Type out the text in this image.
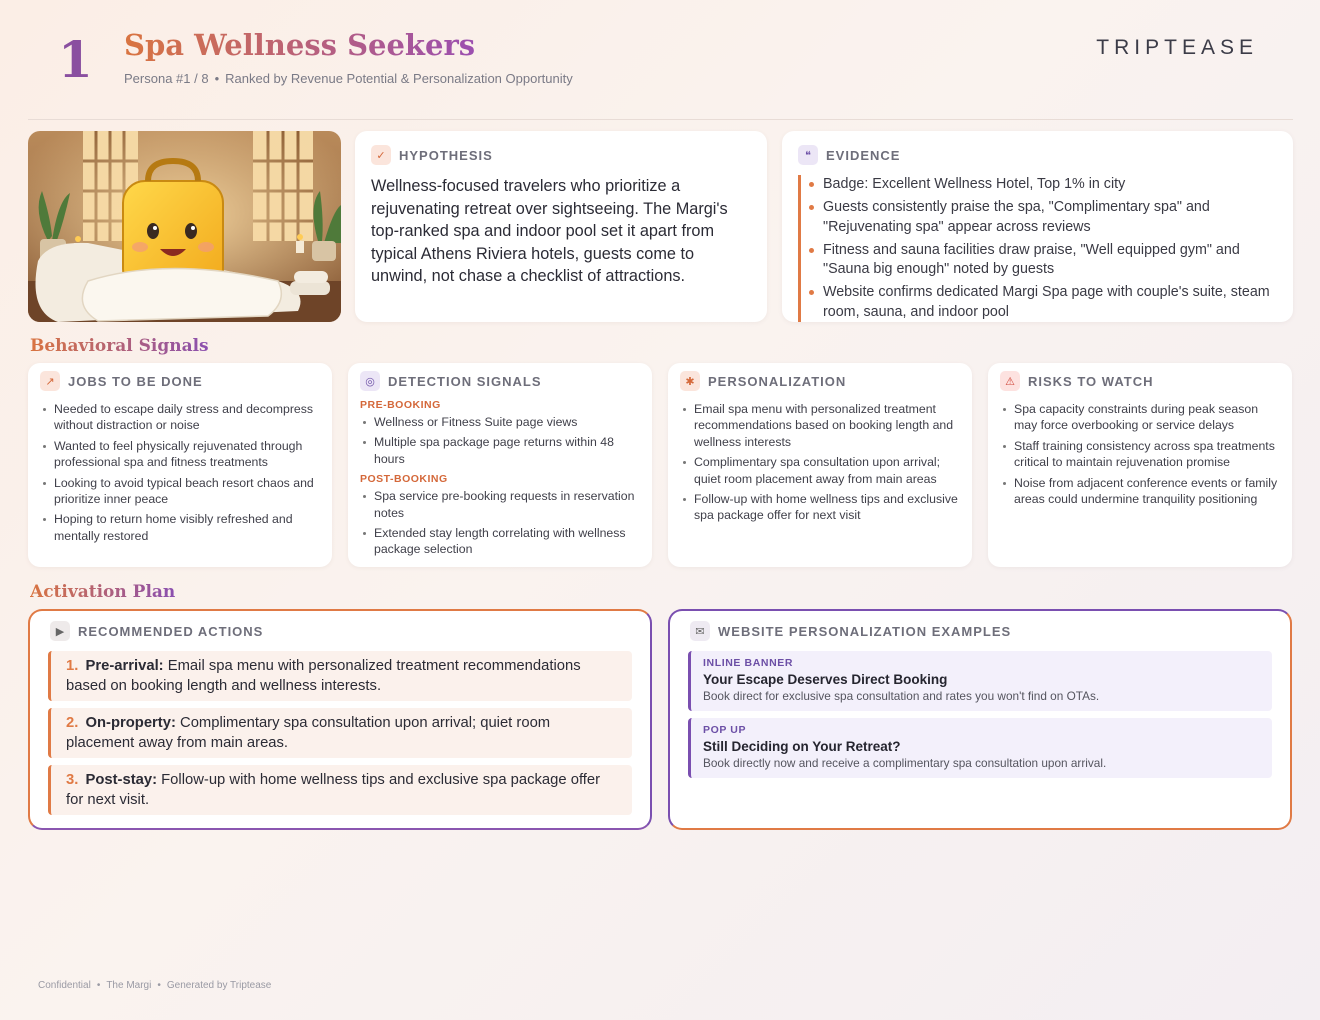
1	Spa Wellness Seekers
Persona #1 / 8 • Ranked by Revenue Potential & Personalization Opportunity
TRIPTEASE
✓	HYPOTHESIS

Wellness-focused travelers who prioritize a rejuvenating retreat over sightseeing. The Margi's top-ranked spa and indoor pool set it apart from typical Athens Riviera hotels, guests come to unwind, not chase a checklist of attractions.

❝	EVIDENCE
Badge: Excellent Wellness Hotel, Top 1% in city
Guests consistently praise the spa, "Complimentary spa" and "Rejuvenating spa" appear across reviews
Fitness and sauna facilities draw praise, "Well equipped gym" and "Sauna big enough" noted by guests
Website confirms dedicated Margi Spa page with couple's suite, steam room, sauna, and indoor pool
Behavioral Signals
↗	JOBS TO BE DONE
Needed to escape daily stress and decompress without distraction or noise
Wanted to feel physically rejuvenated through professional spa and fitness treatments
Looking to avoid typical beach resort chaos and prioritize inner peace
Hoping to return home visibly refreshed and mentally restored
◎	DETECTION SIGNALS
PRE-BOOKING
Wellness or Fitness Suite page views
Multiple spa package page returns within 48 hours
POST-BOOKING
Spa service pre-booking requests in reservation notes
Extended stay length correlating with wellness package selection
✱	PERSONALIZATION
Email spa menu with personalized treatment recommendations based on booking length and wellness interests
Complimentary spa consultation upon arrival; quiet room placement away from main areas
Follow-up with home wellness tips and exclusive spa package offer for next visit
⚠	RISKS TO WATCH
Spa capacity constraints during peak season may force overbooking or service delays
Staff training consistency across spa treatments critical to maintain rejuvenation promise
Noise from adjacent conference events or family areas could undermine tranquility positioning
Activation Plan
▶	RECOMMENDED ACTIONS
1. Pre-arrival: Email spa menu with personalized treatment recommendations based on booking length and wellness interests.
2. On-property: Complimentary spa consultation upon arrival; quiet room placement away from main areas.
3. Post-stay: Follow-up with home wellness tips and exclusive spa package offer for next visit.
✉	WEBSITE PERSONALIZATION EXAMPLES
INLINE BANNER
Your Escape Deserves Direct Booking
Book direct for exclusive spa consultation and rates you won't find on OTAs.
POP UP
Still Deciding on Your Retreat?
Book directly now and receive a complimentary spa consultation upon arrival.
Confidential • The Margi • Generated by Triptease
